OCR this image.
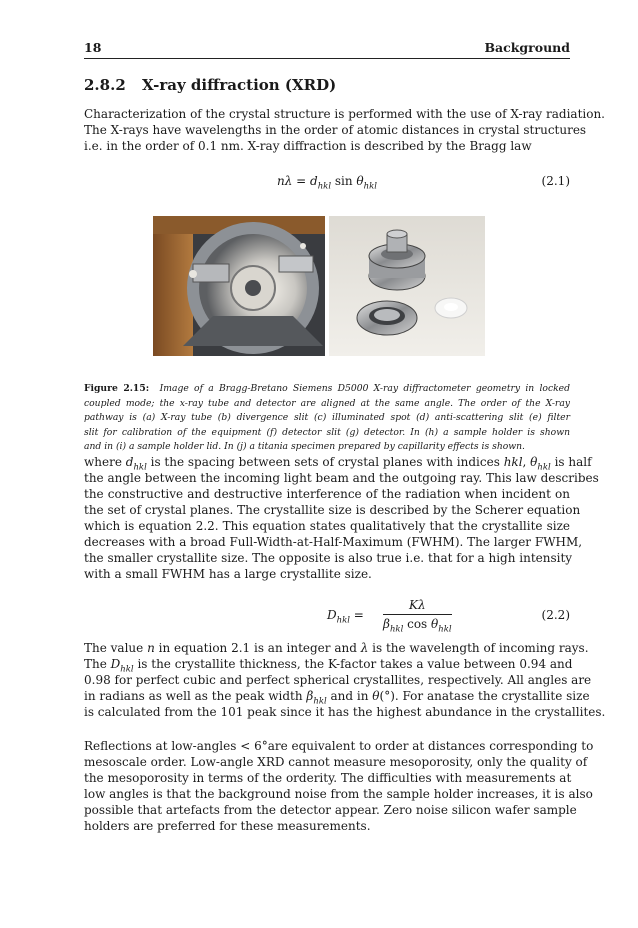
18	Background
2.8.2 X-ray diffraction (XRD)
Characterization of the crystal structure is performed with the use of X-ray radiation.
The X-rays have wavelengths in the order of atomic distances in crystal structures
i.e. in the order of 0.1 nm. X-ray diffraction is described by the Bragg law
$n\lambda = d_{hkl}$ $\sin \theta_{hkl}$	(2.1)
Figure 2.15: Image of a Bragg-Bretano Siemens D5000 X-ray diffractometer geometry in locked
coupled mode; the x-ray tube and detector are aligned at the same angle. The order of the X-ray
pathway is (a) X-ray tube (b) divergence slit (c) illuminated spot (d) anti-scattering slit (e) filter
slit for calibration of the equipment (f) detector slit (g) detector. In (h) a sample holder is shown
and in (i) a sample holder lid. In (j) a titania specimen prepared by capillarity effects is shown.
where $d_{hkl}$ is the spacing between sets of crystal planes with indices hkl, $\theta_{hkl}$ is half
the angle between the incoming light beam and the outgoing ray. This law describes
the constructive and destructive interference of the radiation when incident on
the set of crystal planes. The crystallite size is described by the Scherer equation
which is equation 2.2. This equation states qualitatively that the crystallite size
decreases with a broad Full-Width-at-Half-Maximum (FWHM). The larger FWHM,
the smaller crystallite size. The opposite is also true i.e. that for a high intensity
with a small FWHM has a large crystallite size.
$D_{hkl}$ =
Kλ
$\beta_{hkl}$ $\cos \theta_{hkl}$
(2.2)
The value n in equation 2.1 is an integer and λ is the wavelength of incoming rays.
The $D_{hkl}$ is the crystallite thickness, the K-factor takes a value between 0.94 and
0.98 for perfect cubic and perfect spherical crystallites, respectively. All angles are
in radians as well as the peak width $\beta_{hkl}$ and in θ(°). For anatase the crystallite size
is calculated from the 101 peak since it has the highest abundance in the crystallites.
Reflections at low-angles < 6°are equivalent to order at distances corresponding to
mesoscale order. Low-angle XRD cannot measure mesoporosity, only the quality of
the mesoporosity in terms of the orderity. The difficulties with measurements at
low angles is that the background noise from the sample holder increases, it is also
possible that artefacts from the detector appear. Zero noise silicon wafer sample
holders are preferred for these measurements.
